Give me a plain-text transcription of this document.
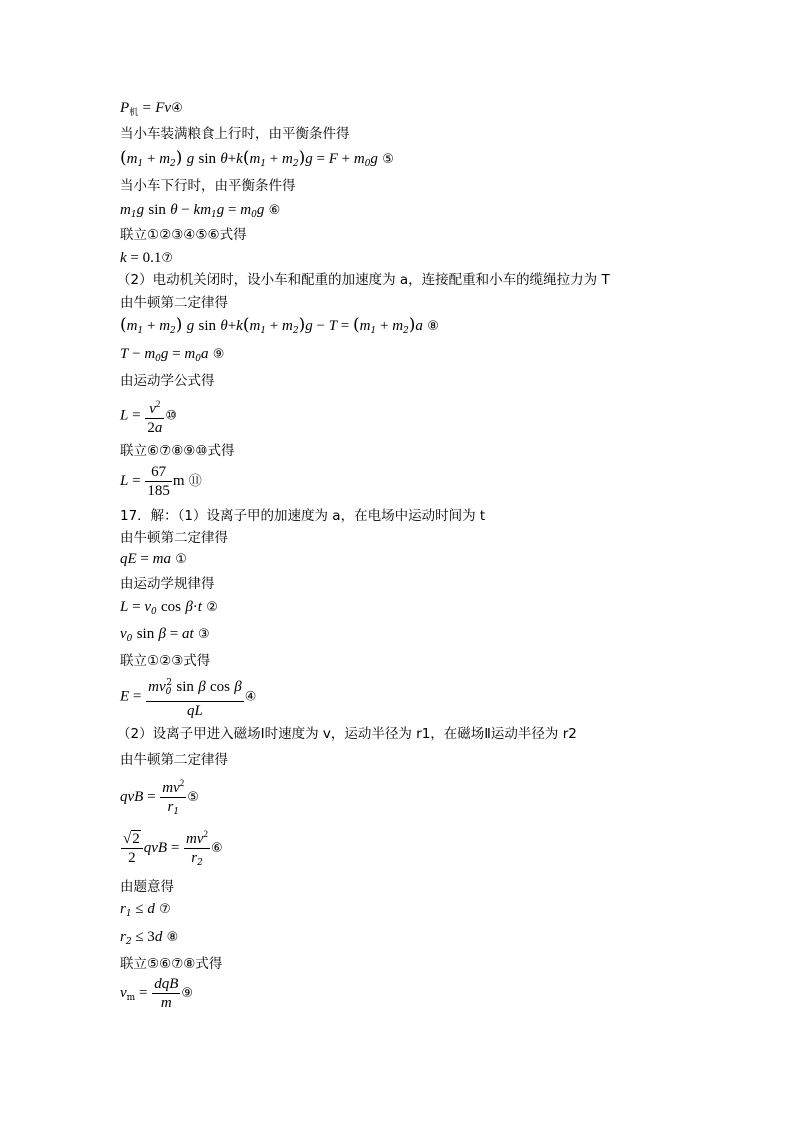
$P_机$ = Fv④
当小车装满粮食上行时，由平衡条件得
$(m_1 + m_2)$ g $\sin \theta+k(m_1 + m_2)g = F + m_0g$ ⑤
当小车下行时，由平衡条件得
$m_1g$ $\sin \theta - km_1g = m_0g$ ⑥
联立①②③④⑤⑥式得
k = 0.1⑦
（2）电动机关闭时，设小车和配重的加速度为 a，连接配重和小车的缆绳拉力为 T
由牛顿第二定律得
$(m_1 + m_2)$ g $\sin \theta+k(m_1 + m_2)g - T = (m_1 + m_2)a$ ⑧
$T - m_0g = m_0a$ ⑨
由运动学公式得
$L = \frac{v^2}{2a}$ ⑩
联立⑥⑦⑧⑨⑩式得
$L = \frac{67}{185}$ m ⑪
17．解：（1）设离子甲的加速度为 a，在电场中运动时间为 t
由牛顿第二定律得
qE = ma ①
由运动学规律得
$L = v_0$ cos β·t ②
$v_0$ sin β = at ③
联立①②③式得
$E = \frac{mv_0^2 \sin \beta \cos \beta}{qL}$ ④
（2）设离子甲进入磁场Ⅰ时速度为 v，运动半径为 r1，在磁场Ⅱ运动半径为 r2
由牛顿第二定律得
qvB = $\frac{mv^2}{r_1}$ ⑤
$\frac{√2}{2}$ qvB = $\frac{mv^2}{r_2}$ ⑥
由题意得
$r_1 \le d$ ⑦
$r_2 \le 3d$ ⑧
联立⑤⑥⑦⑧式得
$v_m = \frac{\text{dqB}}{m}$ ⑨
